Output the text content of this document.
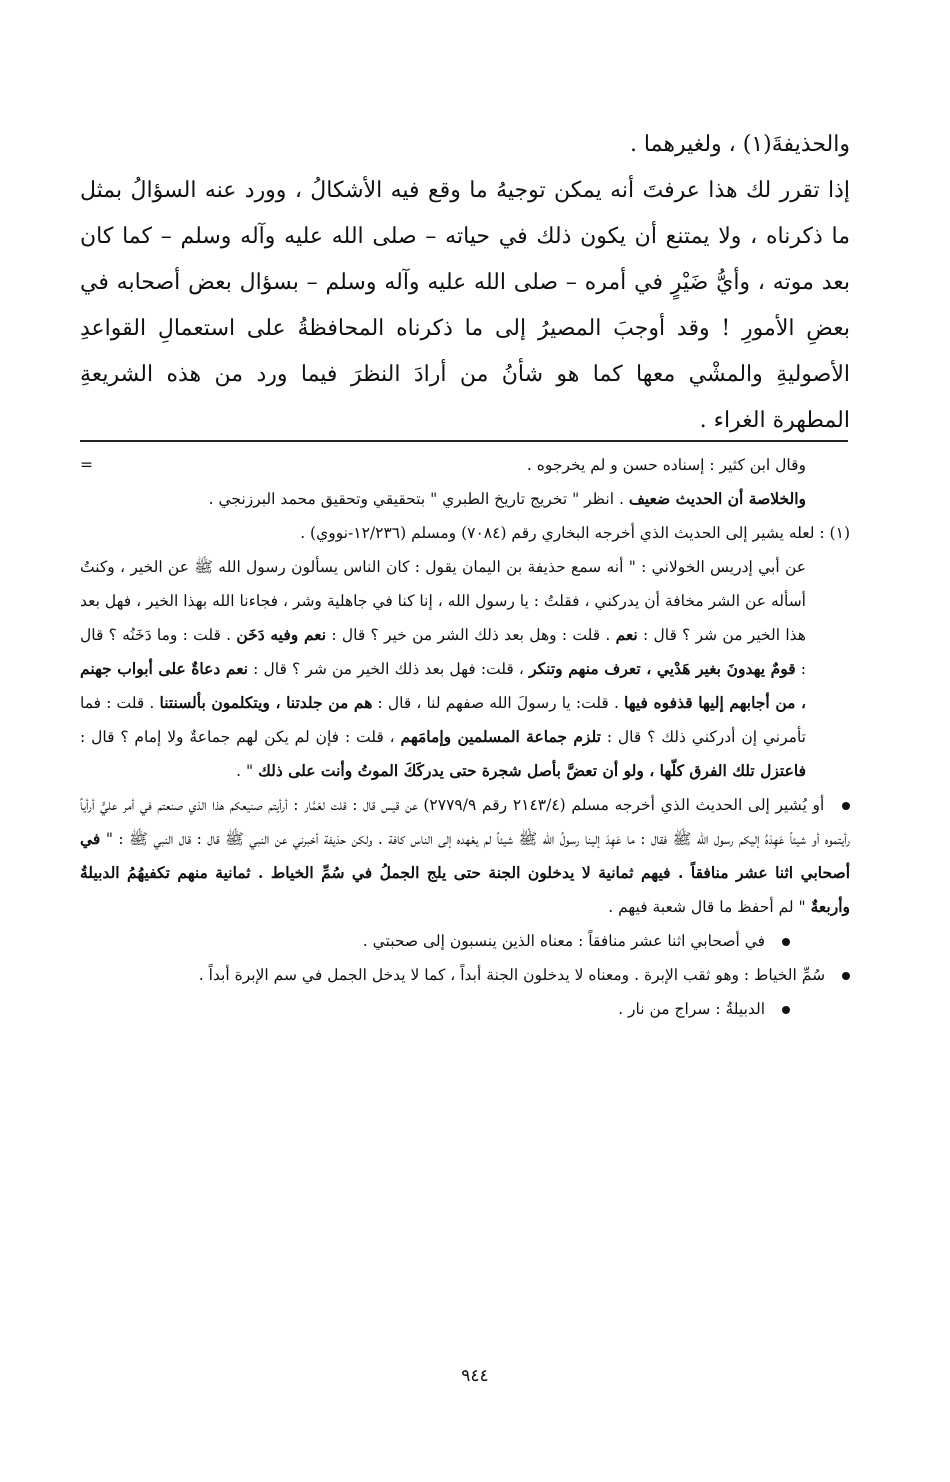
والحذيفةَ(١) ، ولغيرهما .

إذا تقرر لك هذا عرفتَ أنه يمكن توجيهُ ما وقع فيه الأشكالُ ، وورد عنه السؤالُ بمثل ما ذكرناه ، ولا يمتنع أن يكون ذلك في حياته – صلى الله عليه وآله وسلم – كما كان بعد موته ، وأيُّ ضَيْرٍ في أمره – صلى الله عليه وآله وسلم – بسؤال بعض أصحابه في بعضِ الأمورِ ! وقد أوجبَ المصيرُ إلى ما ذكرناه المحافظةُ على استعمالِ القواعدِ الأصوليةِ والمشْي معها كما هو شأنُ من أرادَ النظرَ فيما ورد من هذه الشريعةِ المطهرة الغراء .

وقال ابن كثير : إسناده حسن و لم يخرجوه .
=

والخلاصة أن الحديث ضعيف . انظر " تخريج تاريخ الطبري " بتحقيقي وتحقيق محمد البرزنجي .

(١) : لعله يشير إلى الحديث الذي أخرجه البخاري رقم (٧٠٨٤) ومسلم (١٢/٢٣٦-نووي) .

عن أبي إدريس الخولاني : " أنه سمع حذيفة بن اليمان يقول : كان الناس يسألون رسول الله ﷺ عن الخير ، وكنتُ أسأله عن الشر مخافة أن يدركني ، فقلتُ : يا رسول الله ، إنا كنا في جاهلية وشر ، فجاءنا الله بهذا الخير ، فهل بعد هذا الخير من شر ؟ قال : نعم . قلت : وهل بعد ذلك الشر من خير ؟ قال : نعم وفيه دَخَن . قلت : وما دَخَنُه ؟ قال : قومٌ يهدونَ بغير هَدْيي ، تعرف منهم وتنكر ، قلت: فهل بعد ذلك الخير من شر ؟ قال : نعم دعاةٌ على أبواب جهنم ، من أجابهم إليها قذفوه فيها . قلت: يا رسولَ الله صفهم لنا ، قال : هم من جلدتنا ، ويتكلمون بألسنتنا . قلت : فما تأمرني إن أدركني ذلك ؟ قال : تلزم جماعة المسلمين وإمامَهم ، قلت : فإن لم يكن لهم جماعةٌ ولا إمام ؟ قال : فاعتزل تلك الفرق كلّها ، ولو أن تعضَّ بأصل شجرة حتى يدركَكَ الموتُ وأنت على ذلك " .

أو يُشير إلى الحديث الذي أخرجه مسلم (٢١٤٣/٤ رقم ٢٧٧٩/٩) عن قيس قال : قلت لعَمَّار : أرأيتم صنيعكم هذا الذي صنعتم في أمر عليٍّ أرأياً رأيتموه أو شيئاً عَهِدَهُ إليكم رسول الله ﷺ فقال : ما عَهِدَ إلينا رسولُ الله ﷺ شيئاً لم يعْهده إلى الناس كافة . ولكن حذيفة أخبرني عن النبي ﷺ قال : قال النبي ﷺ : " في أصحابي اثنا عشر منافقاً . فيهم ثمانية لا يدخلون الجنة حتى يلج الجملُ في سُمِّ الخياط . ثمانية منهم تكفيهُمُ الدبيلةُ وأربعةٌ " لم أحفظ ما قال شعبة فيهم .

في أصحابي اثنا عشر منافقاً : معناه الذين ينسبون إلى صحبتي .

سُمِّ الخياط : وهو ثقب الإبرة . ومعناه لا يدخلون الجنة أبداً ، كما لا يدخل الجمل في سم الإبرة أبداً .

الدبيلةُ : سراج من نار .

٩٤٤
